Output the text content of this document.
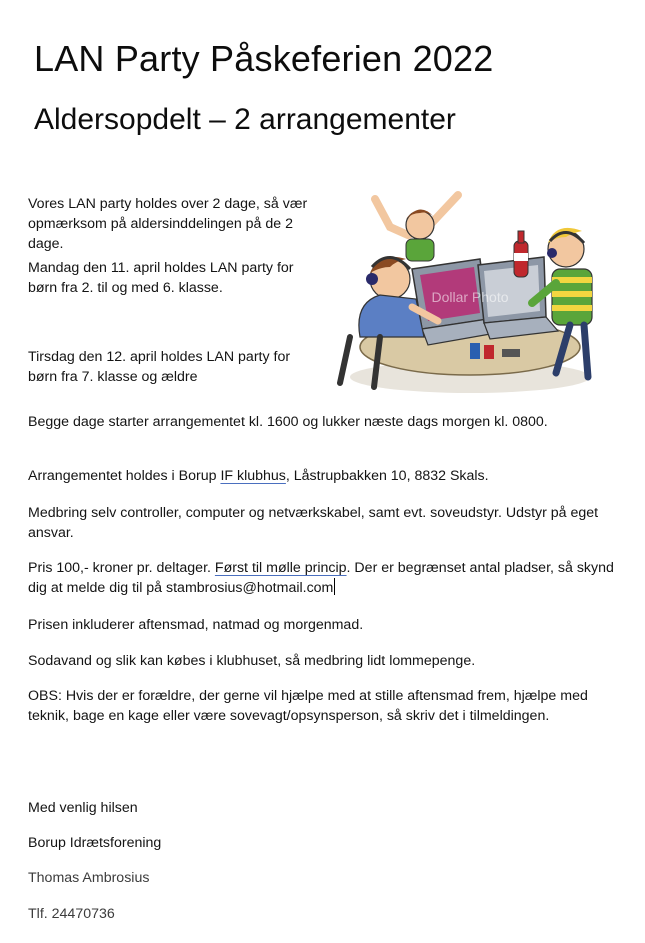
LAN Party Påskeferien 2022
Aldersopdelt – 2 arrangementer
Vores LAN party holdes over 2 dage, så vær opmærksom på aldersinddelingen på de 2 dage.
Mandag den 11. april holdes LAN party for børn fra 2. til og med 6. klasse.
Tirsdag den 12. april holdes LAN party for børn fra 7. klasse og ældre
Dollar Photo
Begge dage starter arrangementet kl. 1600 og lukker næste dags morgen kl. 0800.
Arrangementet holdes i Borup IF klubhus, Låstrupbakken 10, 8832 Skals.
Medbring selv controller, computer og netværkskabel, samt evt. soveudstyr. Udstyr på eget ansvar.
Pris 100,- kroner pr. deltager. Først til mølle princip. Der er begrænset antal pladser, så skynd dig at melde dig til på stambrosius@hotmail.com
Prisen inkluderer aftensmad, natmad og morgenmad.
Sodavand og slik kan købes i klubhuset, så medbring lidt lommepenge.
OBS: Hvis der er forældre, der gerne vil hjælpe med at stille aftensmad frem, hjælpe med teknik, bage en kage eller være sovevagt/opsynsperson, så skriv det i tilmeldingen.
Med venlig hilsen
Borup Idrætsforening
Thomas Ambrosius
Tlf. 24470736
